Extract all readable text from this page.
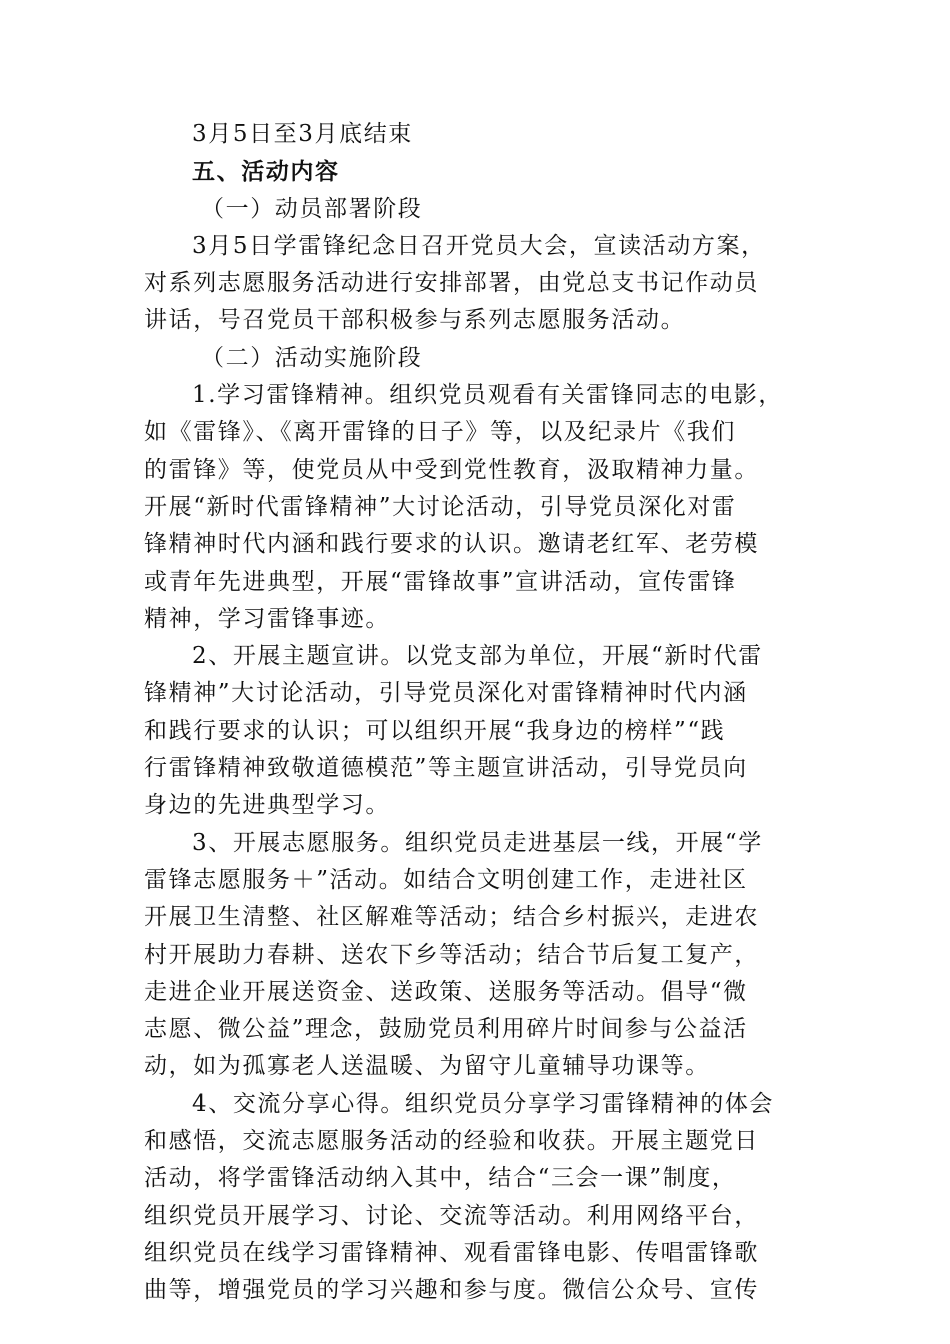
3月5日至3月底结束
五、活动内容
（一）动员部署阶段
3月5日学雷锋纪念日召开党员大会，宣读活动方案，
对系列志愿服务活动进行安排部署，由党总支书记作动员
讲话，号召党员干部积极参与系列志愿服务活动。
（二）活动实施阶段
1.学习雷锋精神。组织党员观看有关雷锋同志的电影，
如《雷锋》、《离开雷锋的日子》等，以及纪录片《我们
的雷锋》等，使党员从中受到党性教育，汲取精神力量。
开展“新时代雷锋精神”大讨论活动，引导党员深化对雷
锋精神时代内涵和践行要求的认识。邀请老红军、老劳模
或青年先进典型，开展“雷锋故事”宣讲活动，宣传雷锋
精神，学习雷锋事迹。
2、开展主题宣讲。以党支部为单位，开展“新时代雷
锋精神”大讨论活动，引导党员深化对雷锋精神时代内涵
和践行要求的认识；可以组织开展“我身边的榜样”“践
行雷锋精神致敬道德模范”等主题宣讲活动，引导党员向
身边的先进典型学习。
3、开展志愿服务。组织党员走进基层一线，开展“学
雷锋志愿服务＋”活动。如结合文明创建工作，走进社区
开展卫生清整、社区解难等活动；结合乡村振兴，走进农
村开展助力春耕、送农下乡等活动；结合节后复工复产，
走进企业开展送资金、送政策、送服务等活动。倡导“微
志愿、微公益”理念，鼓励党员利用碎片时间参与公益活
动，如为孤寡老人送温暖、为留守儿童辅导功课等。
4、交流分享心得。组织党员分享学习雷锋精神的体会
和感悟，交流志愿服务活动的经验和收获。开展主题党日
活动，将学雷锋活动纳入其中，结合“三会一课”制度，
组织党员开展学习、讨论、交流等活动。利用网络平台，
组织党员在线学习雷锋精神、观看雷锋电影、传唱雷锋歌
曲等，增强党员的学习兴趣和参与度。微信公众号、宣传
